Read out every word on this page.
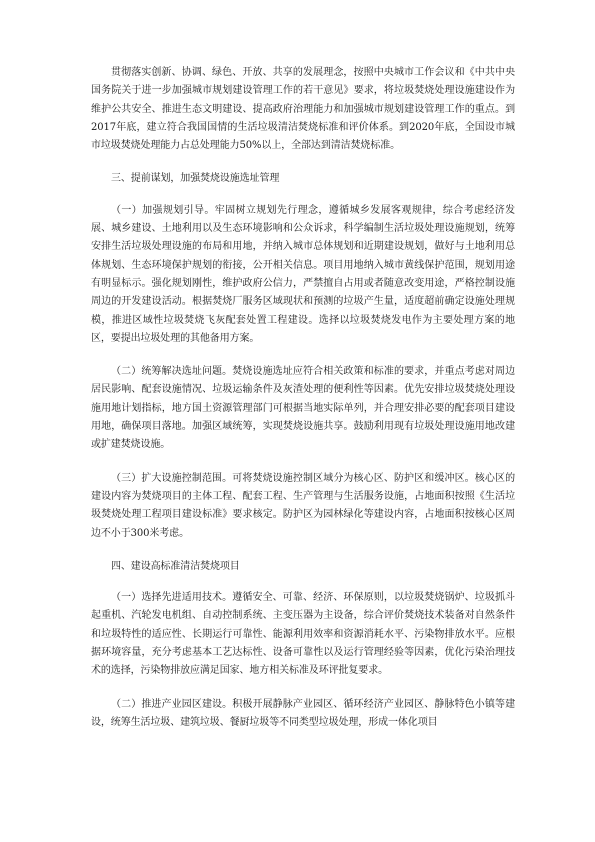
贯彻落实创新、协调、绿色、开放、共享的发展理念，按照中央城市工作会议和《中共中央国务院关于进一步加强城市规划建设管理工作的若干意见》要求，将垃圾焚烧处理设施建设作为维护公共安全、推进生态文明建设、提高政府治理能力和加强城市规划建设管理工作的重点。到2017年底，建立符合我国国情的生活垃圾清洁焚烧标准和评价体系。到2020年底，全国设市城市垃圾焚烧处理能力占总处理能力50%以上，全部达到清洁焚烧标准。

三、提前谋划，加强焚烧设施选址管理

（一）加强规划引导。牢固树立规划先行理念，遵循城乡发展客观规律，综合考虑经济发展、城乡建设、土地利用以及生态环境影响和公众诉求，科学编制生活垃圾处理设施规划，统筹安排生活垃圾处理设施的布局和用地，并纳入城市总体规划和近期建设规划，做好与土地利用总体规划、生态环境保护规划的衔接，公开相关信息。项目用地纳入城市黄线保护范围，规划用途有明显标示。强化规划刚性，维护政府公信力，严禁擅自占用或者随意改变用途，严格控制设施周边的开发建设活动。根据焚烧厂服务区域现状和预测的垃圾产生量，适度超前确定设施处理规模，推进区域性垃圾焚烧飞灰配套处置工程建设。选择以垃圾焚烧发电作为主要处理方案的地区，要提出垃圾处理的其他备用方案。

（二）统筹解决选址问题。焚烧设施选址应符合相关政策和标准的要求，并重点考虑对周边居民影响、配套设施情况、垃圾运输条件及灰渣处理的便利性等因素。优先安排垃圾焚烧处理设施用地计划指标，地方国土资源管理部门可根据当地实际单列，并合理安排必要的配套项目建设用地，确保项目落地。加强区域统筹，实现焚烧设施共享。鼓励利用现有垃圾处理设施用地改建或扩建焚烧设施。

（三）扩大设施控制范围。可将焚烧设施控制区域分为核心区、防护区和缓冲区。核心区的建设内容为焚烧项目的主体工程、配套工程、生产管理与生活服务设施，占地面积按照《生活垃圾焚烧处理工程项目建设标准》要求核定。防护区为园林绿化等建设内容，占地面积按核心区周边不小于300米考虑。

四、建设高标准清洁焚烧项目

（一）选择先进适用技术。遵循安全、可靠、经济、环保原则，以垃圾焚烧锅炉、垃圾抓斗起重机、汽轮发电机组、自动控制系统、主变压器为主设备，综合评价焚烧技术装备对自然条件和垃圾特性的适应性、长期运行可靠性、能源利用效率和资源消耗水平、污染物排放水平。应根据环境容量，充分考虑基本工艺达标性、设备可靠性以及运行管理经验等因素，优化污染治理技术的选择，污染物排放应满足国家、地方相关标准及环评批复要求。

（二）推进产业园区建设。积极开展静脉产业园区、循环经济产业园区、静脉特色小镇等建设，统筹生活垃圾、建筑垃圾、餐厨垃圾等不同类型垃圾处理，形成一体化项目
